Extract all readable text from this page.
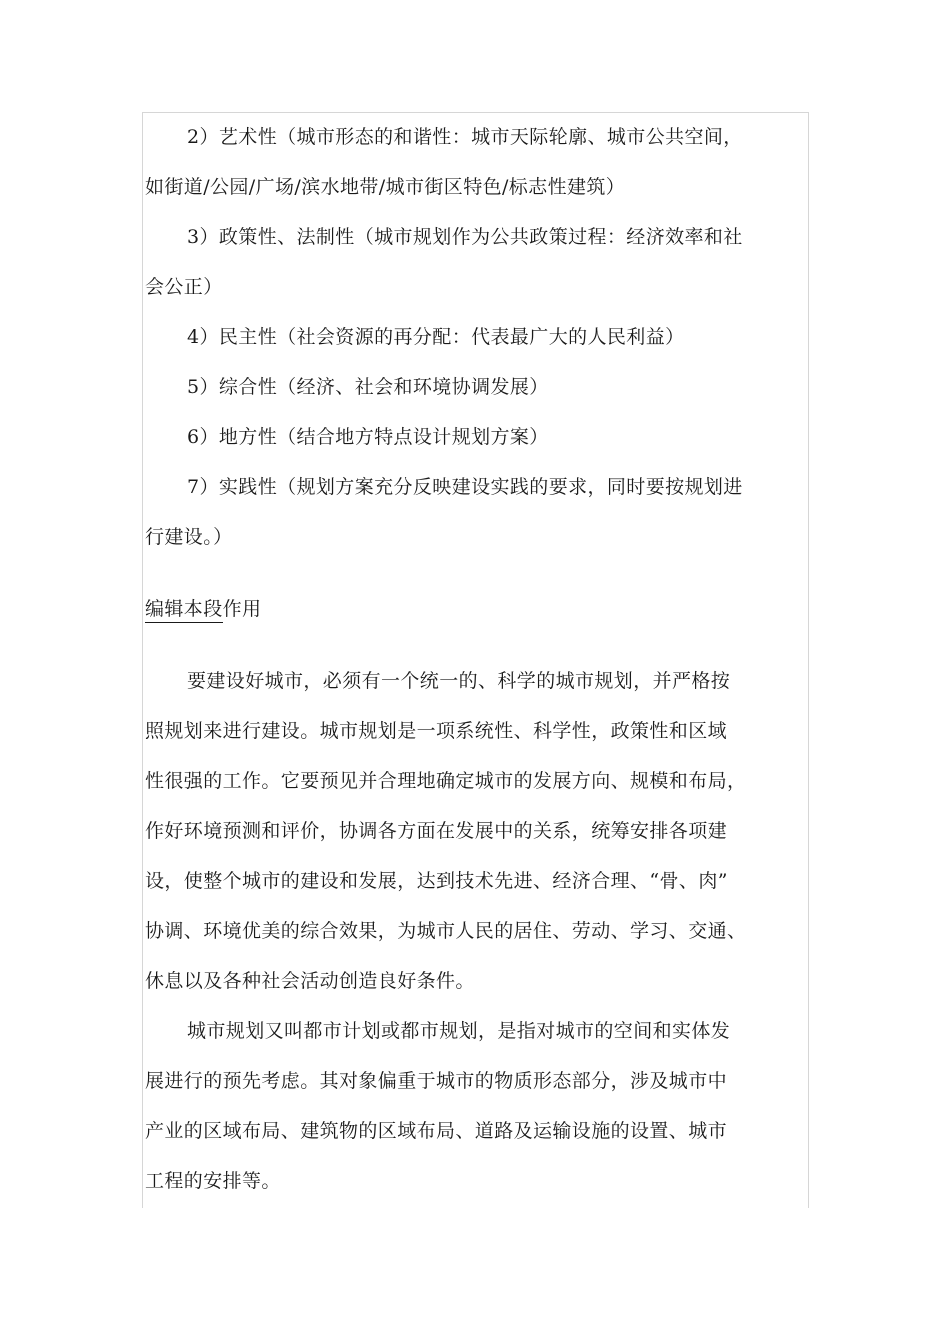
2）艺术性（城市形态的和谐性：城市天际轮廓、城市公共空间，
如街道/公园/广场/滨水地带/城市街区特色/标志性建筑）
3）政策性、法制性（城市规划作为公共政策过程：经济效率和社
会公正）
4）民主性（社会资源的再分配：代表最广大的人民利益）
5）综合性（经济、社会和环境协调发展）
6）地方性（结合地方特点设计规划方案）
7）实践性（规划方案充分反映建设实践的要求，同时要按规划进
行建设。）
编辑本段作用
要建设好城市，必须有一个统一的、科学的城市规划，并严格按
照规划来进行建设。城市规划是一项系统性、科学性，政策性和区域
性很强的工作。它要预见并合理地确定城市的发展方向、规模和布局，
作好环境预测和评价，协调各方面在发展中的关系，统筹安排各项建
设，使整个城市的建设和发展，达到技术先进、经济合理、“骨、肉”
协调、环境优美的综合效果，为城市人民的居住、劳动、学习、交通、
休息以及各种社会活动创造良好条件。
城市规划又叫都市计划或都市规划，是指对城市的空间和实体发
展进行的预先考虑。其对象偏重于城市的物质形态部分，涉及城市中
产业的区域布局、建筑物的区域布局、道路及运输设施的设置、城市
工程的安排等。
